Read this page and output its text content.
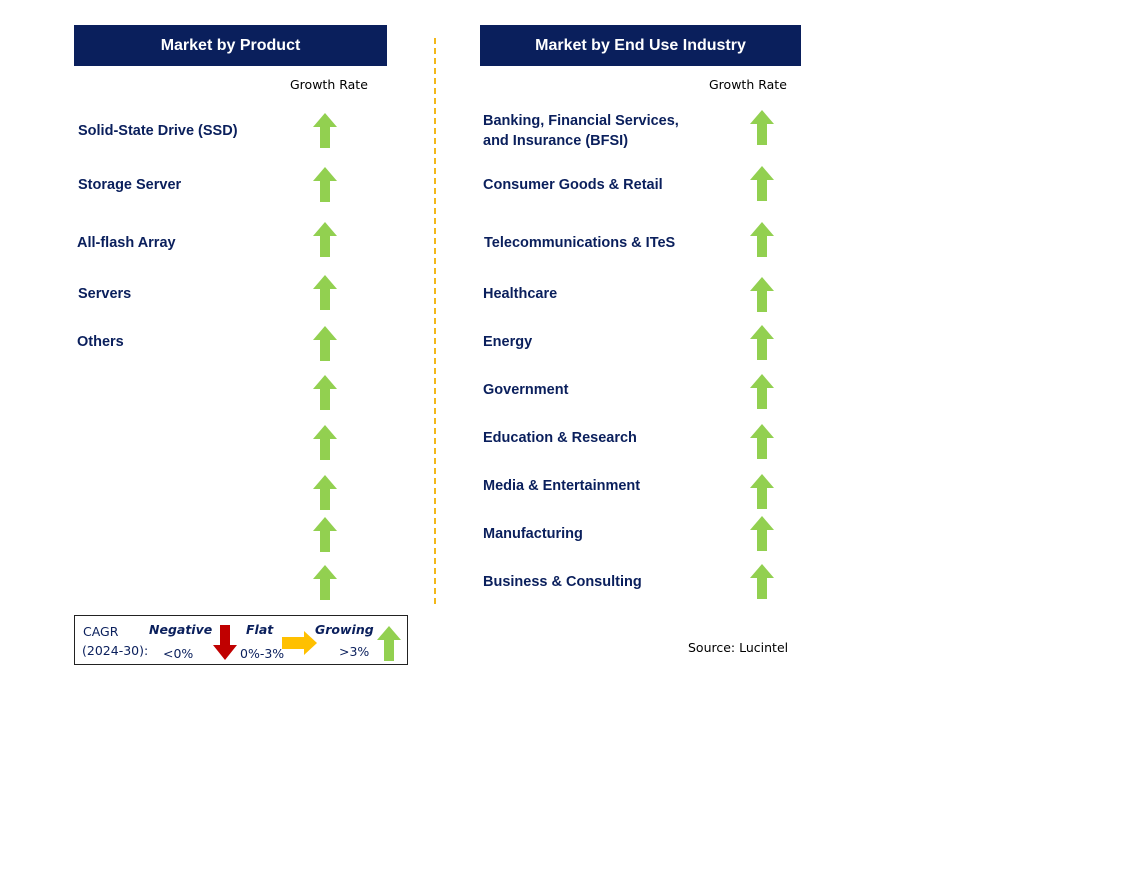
Market by Product
Growth Rate
Solid-State Drive (SSD)
Storage Server
All-flash Array
Servers
Others
Market by End Use Industry
Growth Rate
Banking, Financial Services,
and Insurance (BFSI)
Consumer Goods & Retail
Telecommunications & ITeS
Healthcare
Energy
Government
Education & Research
Media & Entertainment
Manufacturing
Business & Consulting
CAGR
(2024-30):
Negative
<0%
Flat
0%-3%
Growing
>3%	Source: Lucintel
